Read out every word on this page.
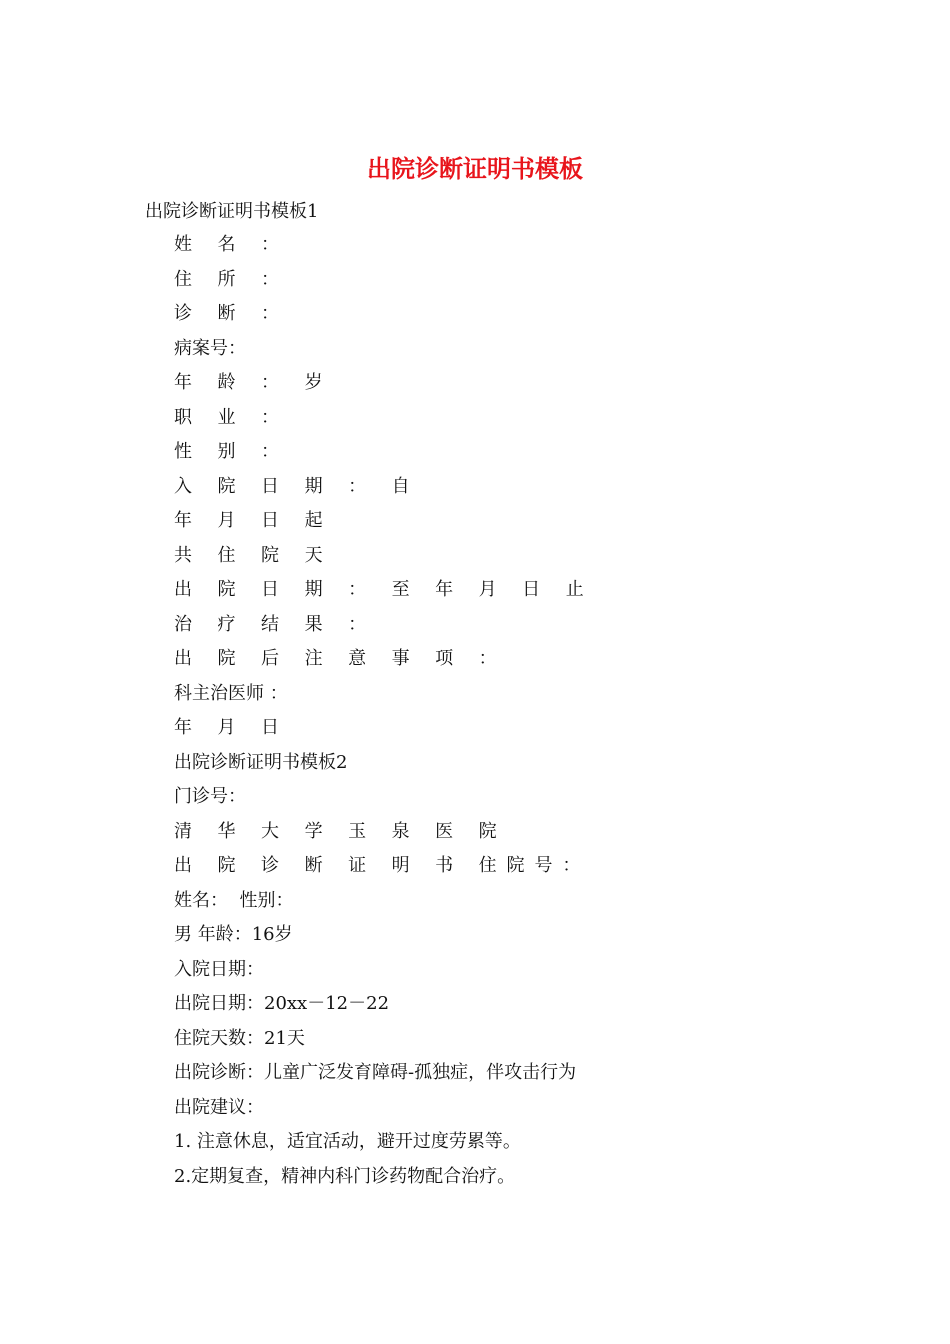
出院诊断证明书模板
出院诊断证明书模板1
姓 名 ：
住 所 ：
诊 断 ：
病案号：
年 龄 ： 岁
职 业 ：
性 别 ：
入 院 日 期 ： 自
年 月 日 起
共 住 院 天
出 院 日 期 ： 至 年 月 日 止
治 疗 结 果 ：
出 院 后 注 意 事 项 ：
科主治医师 ：
年 月 日
出院诊断证明书模板2
门诊号：
清 华 大 学 玉 泉 医 院
出 院 诊 断 证 明 书 住院号：
姓名：  性别：
男 年龄：16岁
入院日期：
出院日期：20xx－12－22
住院天数：21天
出院诊断：儿童广泛发育障碍-孤独症，伴攻击行为
出院建议：
1. 注意休息，适宜活动，避开过度劳累等。
2.定期复查，精神内科门诊药物配合治疗。
